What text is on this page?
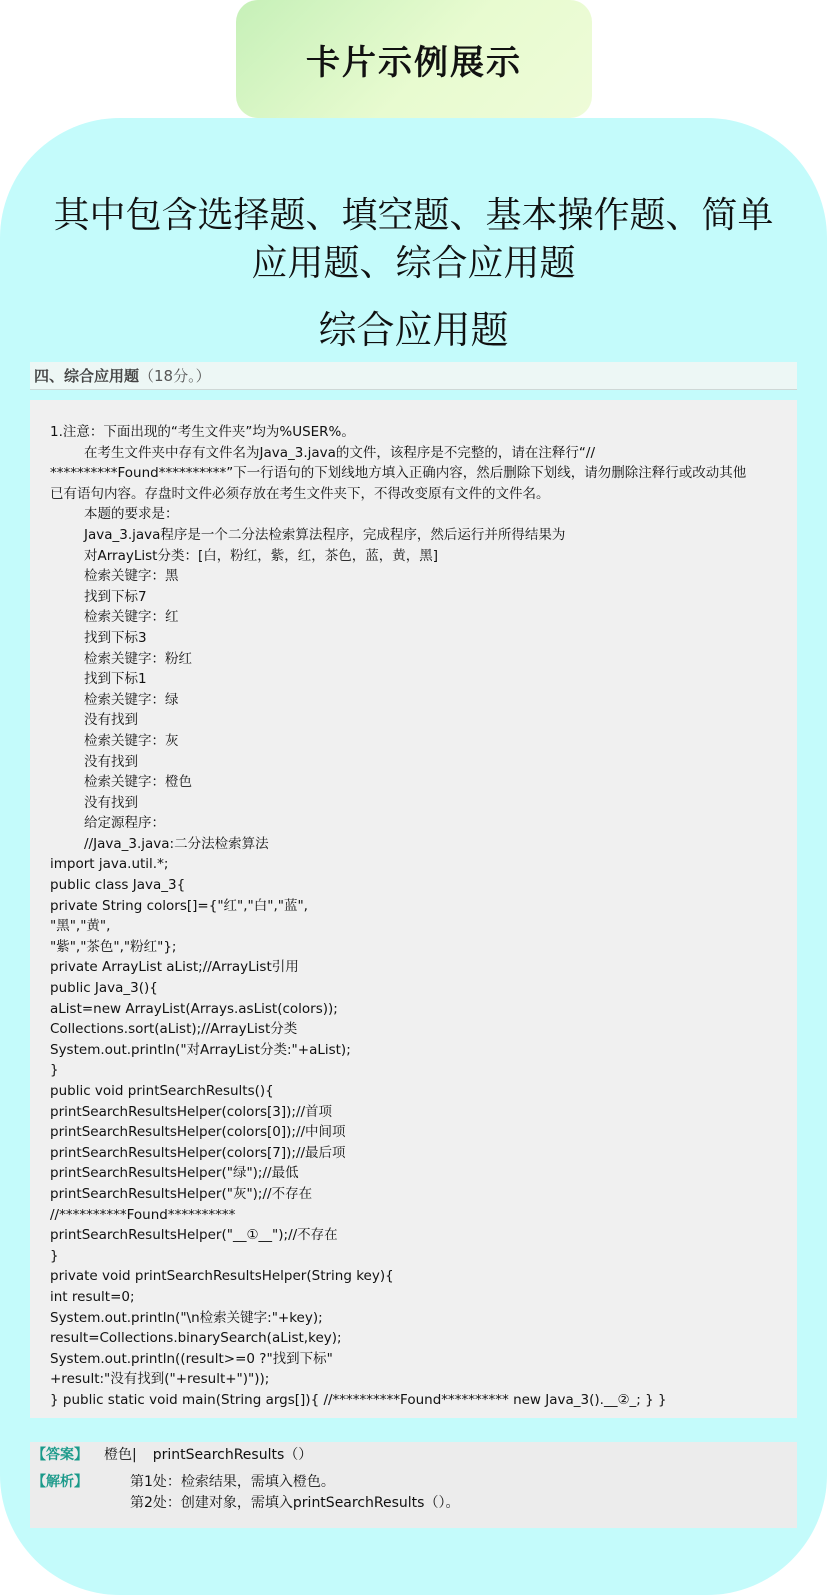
卡片示例展示
其中包含选择题、填空题、基本操作题、简单
应用题、综合应用题
综合应用题
四、综合应用题（18分。）
1.注意：下面出现的“考生文件夹”均为%USER%。
在考生文件夹中存有文件名为Java_3.java的文件，该程序是不完整的，请在注释行“//
**********Found**********”下一行语句的下划线地方填入正确内容，然后删除下划线，请勿删除注释行或改动其他
已有语句内容。存盘时文件必须存放在考生文件夹下，不得改变原有文件的文件名。
本题的要求是：
Java_3.java程序是一个二分法检索算法程序，完成程序，然后运行并所得结果为
对ArrayList分类：[白，粉红，紫，红，茶色，蓝，黄，黑]
检索关键字：黑
找到下标7
检索关键字：红
找到下标3
检索关键字：粉红
找到下标1
检索关键字：绿
没有找到
检索关键字：灰
没有找到
检索关键字：橙色
没有找到
给定源程序：
//Java_3.java:二分法检索算法
import java.util.*;
public class Java_3{
private String colors[]={"红","白","蓝",
"黑","黄",
"紫","茶色","粉红"};
private ArrayList aList;//ArrayList引用
public Java_3(){
aList=new ArrayList(Arrays.asList(colors));
Collections.sort(aList);//ArrayList分类
System.out.println("对ArrayList分类:"+aList);
}
public void printSearchResults(){
printSearchResultsHelper(colors[3]);//首项
printSearchResultsHelper(colors[0]);//中间项
printSearchResultsHelper(colors[7]);//最后项
printSearchResultsHelper("绿");//最低
printSearchResultsHelper("灰");//不存在
//**********Found**********
printSearchResultsHelper("__①__");//不存在
}
private void printSearchResultsHelper(String key){
int result=0;
System.out.println("\n检索关键字:"+key);
result=Collections.binarySearch(aList,key);
System.out.println((result>=0 ?"找到下标"
+result:"没有找到("+result+")"));
} public static void main(String args[]){ //**********Found********** new Java_3().__②_; } }
【答案】 橙色| printSearchResults（）
【解析】	第1处：检索结果，需填入橙色。
第2处：创建对象，需填入printSearchResults（）。
